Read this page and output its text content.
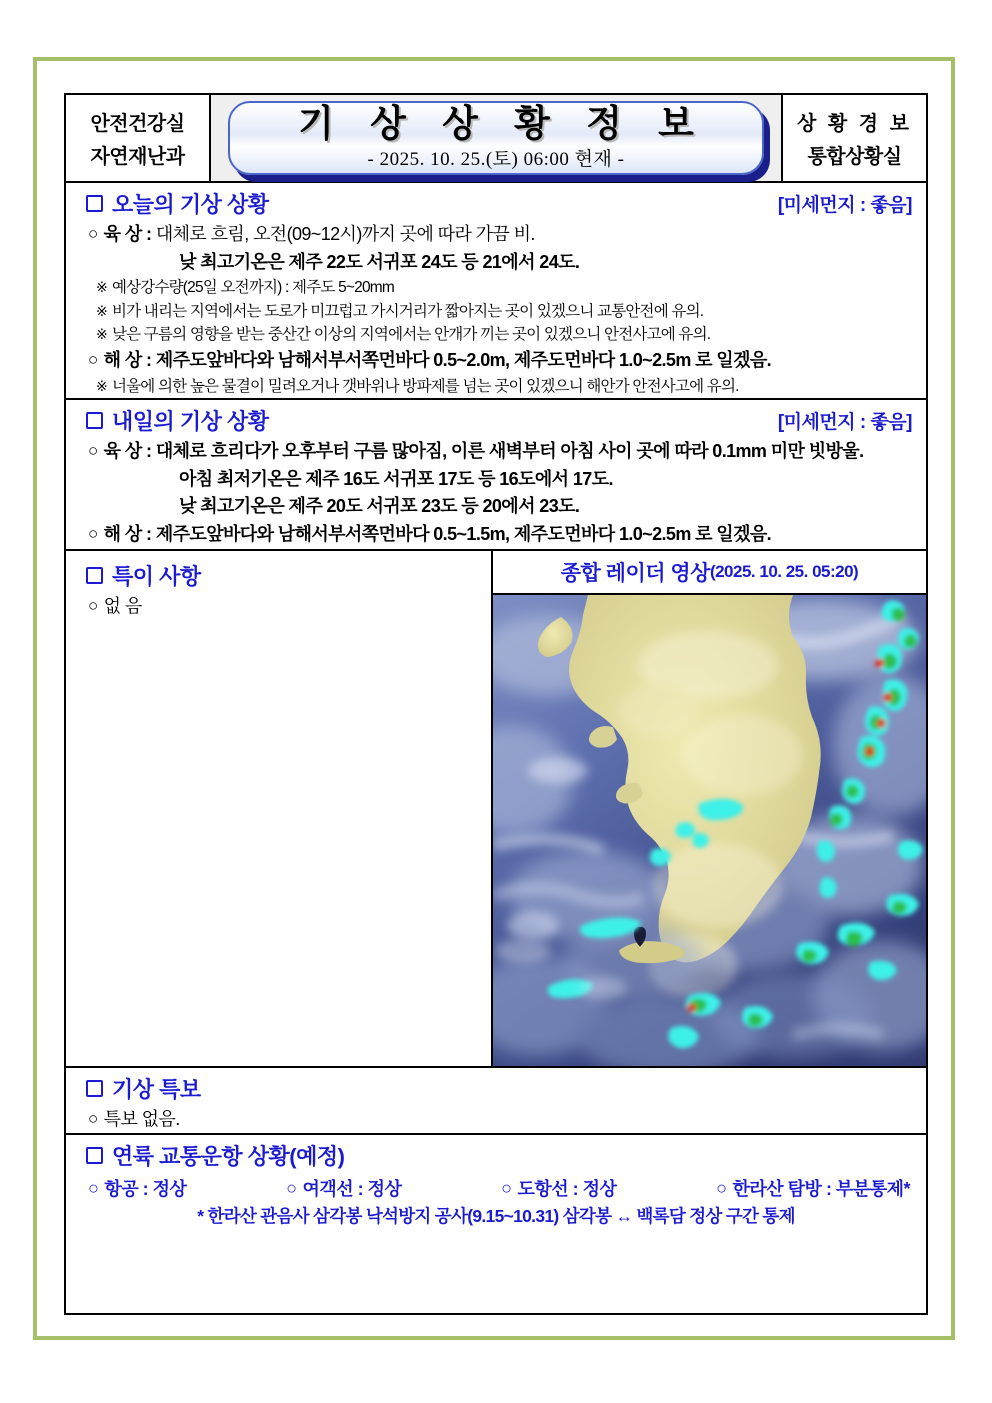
안전건강실
자연재난과
기 상 상 황 정 보
- 2025. 10. 25.(토) 06:00 현재 -
상 황 경 보
통합상황실
오늘의 기상 상황	[미세먼지 : 좋음]
○ 육 상 : 대체로 흐림, 오전(09~12시)까지 곳에 따라 가끔 비.
낮 최고기온은 제주 22도 서귀포 24도 등 21에서 24도.
※ 예상강수량(25일 오전까지) : 제주도 5~20mm
※ 비가 내리는 지역에서는 도로가 미끄럽고 가시거리가 짧아지는 곳이 있겠으니 교통안전에 유의.
※ 낮은 구름의 영향을 받는 중산간 이상의 지역에서는 안개가 끼는 곳이 있겠으니 안전사고에 유의.
○ 해 상 : 제주도앞바다와 남해서부서쪽먼바다 0.5~2.0m, 제주도먼바다 1.0~2.5m 로 일겠음.
※ 너울에 의한 높은 물결이 밀려오거나 갯바위나 방파제를 넘는 곳이 있겠으니 해안가 안전사고에 유의.
내일의 기상 상황	[미세먼지 : 좋음]
○ 육 상 : 대체로 흐리다가 오후부터 구름 많아짐, 이른 새벽부터 아침 사이 곳에 따라 0.1mm 미만 빗방울.
아침 최저기온은 제주 16도 서귀포 17도 등 16도에서 17도.
낮 최고기온은 제주 20도 서귀포 23도 등 20에서 23도.
○ 해 상 : 제주도앞바다와 남해서부서쪽먼바다 0.5~1.5m, 제주도먼바다 1.0~2.5m 로 일겠음.
특이 사항
○ 없 음
종합 레이더 영상 (2025. 10. 25. 05:20)
기상 특보
○ 특보 없음.
연륙 교통운항 상황(예정)
○ 항공 : 정상	○ 여객선 : 정상	○ 도항선 : 정상	○ 한라산 탐방 : 부분통제*
* 한라산 관음사 삼각봉 낙석방지 공사(9.15~10.31) 삼각봉 ↔ 백록담 정상 구간 통제
